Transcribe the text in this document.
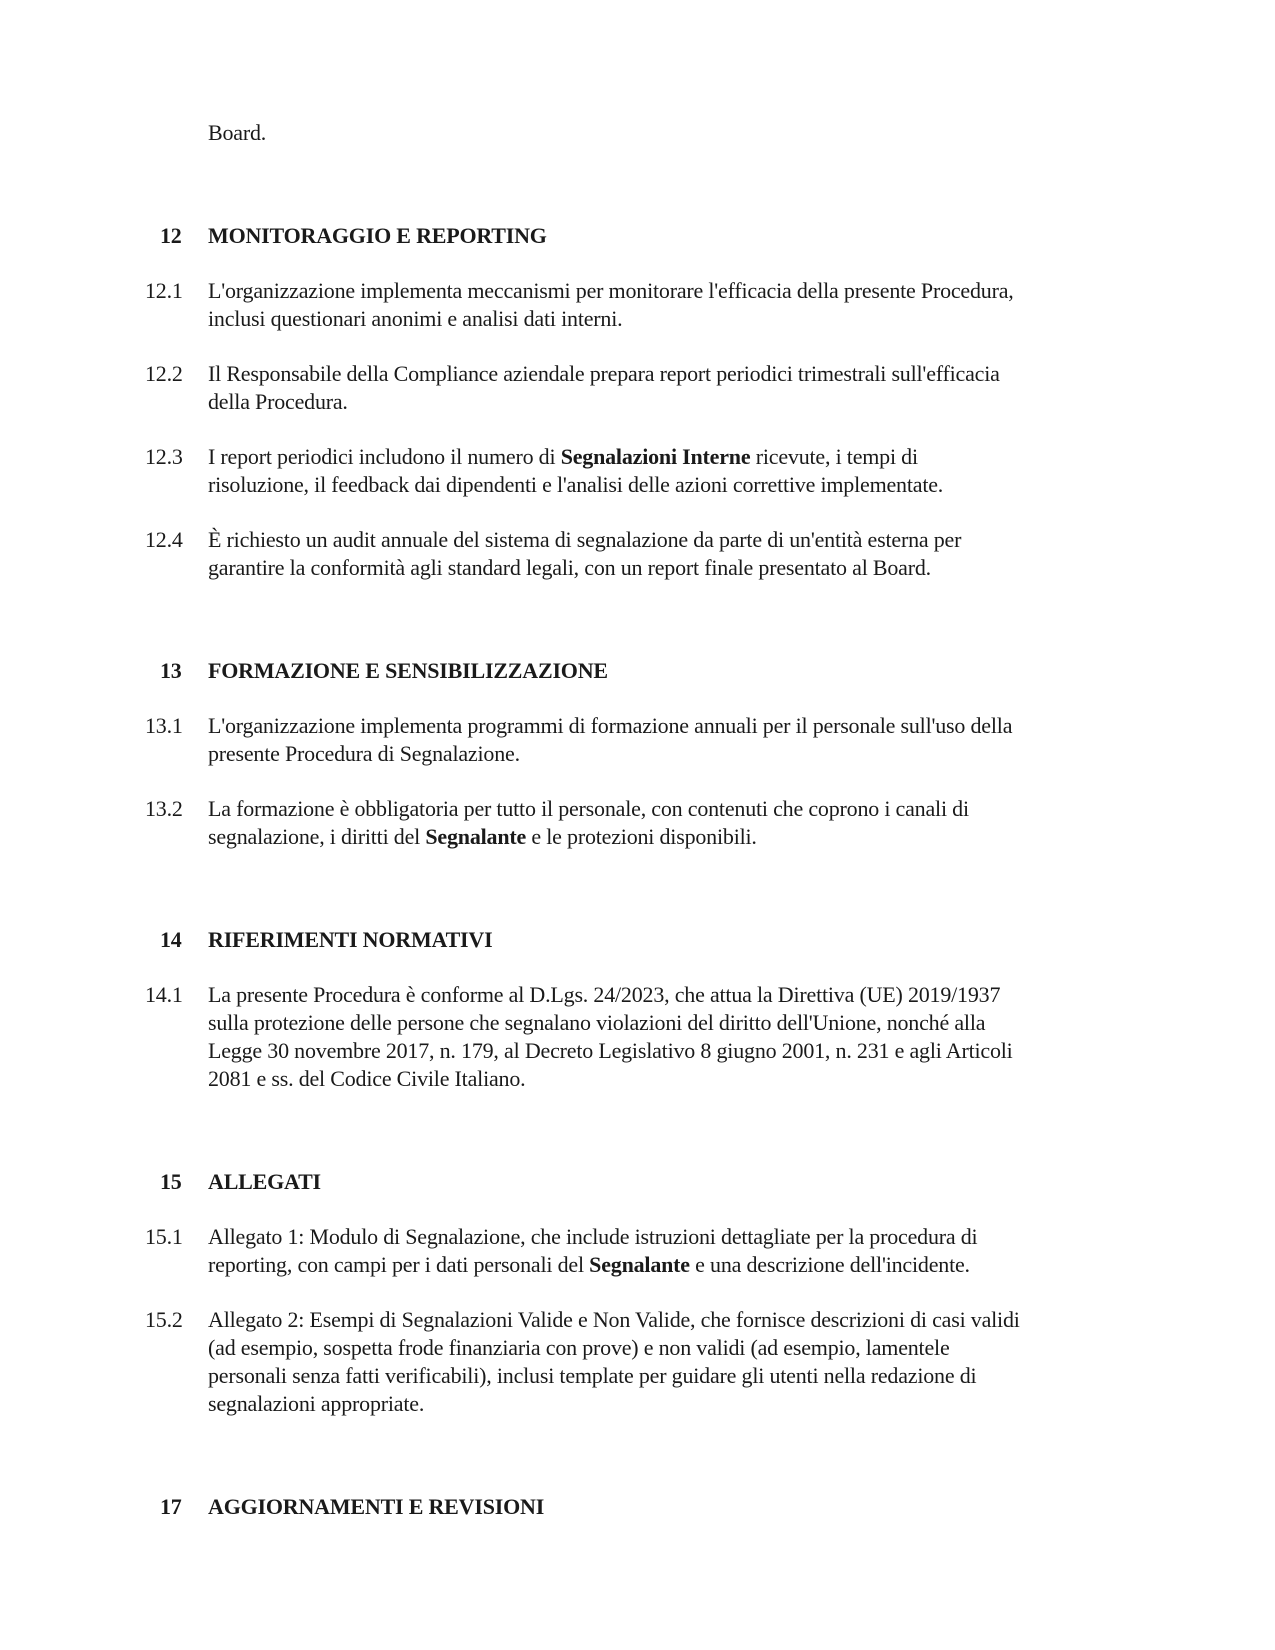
Board.
12	MONITORAGGIO E REPORTING
12.1	L'organizzazione implementa meccanismi per monitorare l'efficacia della presente Procedura,
inclusi questionari anonimi e analisi dati interni.
12.2	Il Responsabile della Compliance aziendale prepara report periodici trimestrali sull'efficacia
della Procedura.
12.3	I report periodici includono il numero di Segnalazioni Interne ricevute, i tempi di
risoluzione, il feedback dai dipendenti e l'analisi delle azioni correttive implementate.
12.4	È richiesto un audit annuale del sistema di segnalazione da parte di un'entità esterna per
garantire la conformità agli standard legali, con un report finale presentato al Board.
13	FORMAZIONE E SENSIBILIZZAZIONE
13.1	L'organizzazione implementa programmi di formazione annuali per il personale sull'uso della
presente Procedura di Segnalazione.
13.2	La formazione è obbligatoria per tutto il personale, con contenuti che coprono i canali di
segnalazione, i diritti del Segnalante e le protezioni disponibili.
14	RIFERIMENTI NORMATIVI
14.1	La presente Procedura è conforme al D.Lgs. 24/2023, che attua la Direttiva (UE) 2019/1937
sulla protezione delle persone che segnalano violazioni del diritto dell'Unione, nonché alla
Legge 30 novembre 2017, n. 179, al Decreto Legislativo 8 giugno 2001, n. 231 e agli Articoli
2081 e ss. del Codice Civile Italiano.
15	ALLEGATI
15.1	Allegato 1: Modulo di Segnalazione, che include istruzioni dettagliate per la procedura di
reporting, con campi per i dati personali del Segnalante e una descrizione dell'incidente.
15.2	Allegato 2: Esempi di Segnalazioni Valide e Non Valide, che fornisce descrizioni di casi validi
(ad esempio, sospetta frode finanziaria con prove) e non validi (ad esempio, lamentele
personali senza fatti verificabili), inclusi template per guidare gli utenti nella redazione di
segnalazioni appropriate.
17	AGGIORNAMENTI E REVISIONI
